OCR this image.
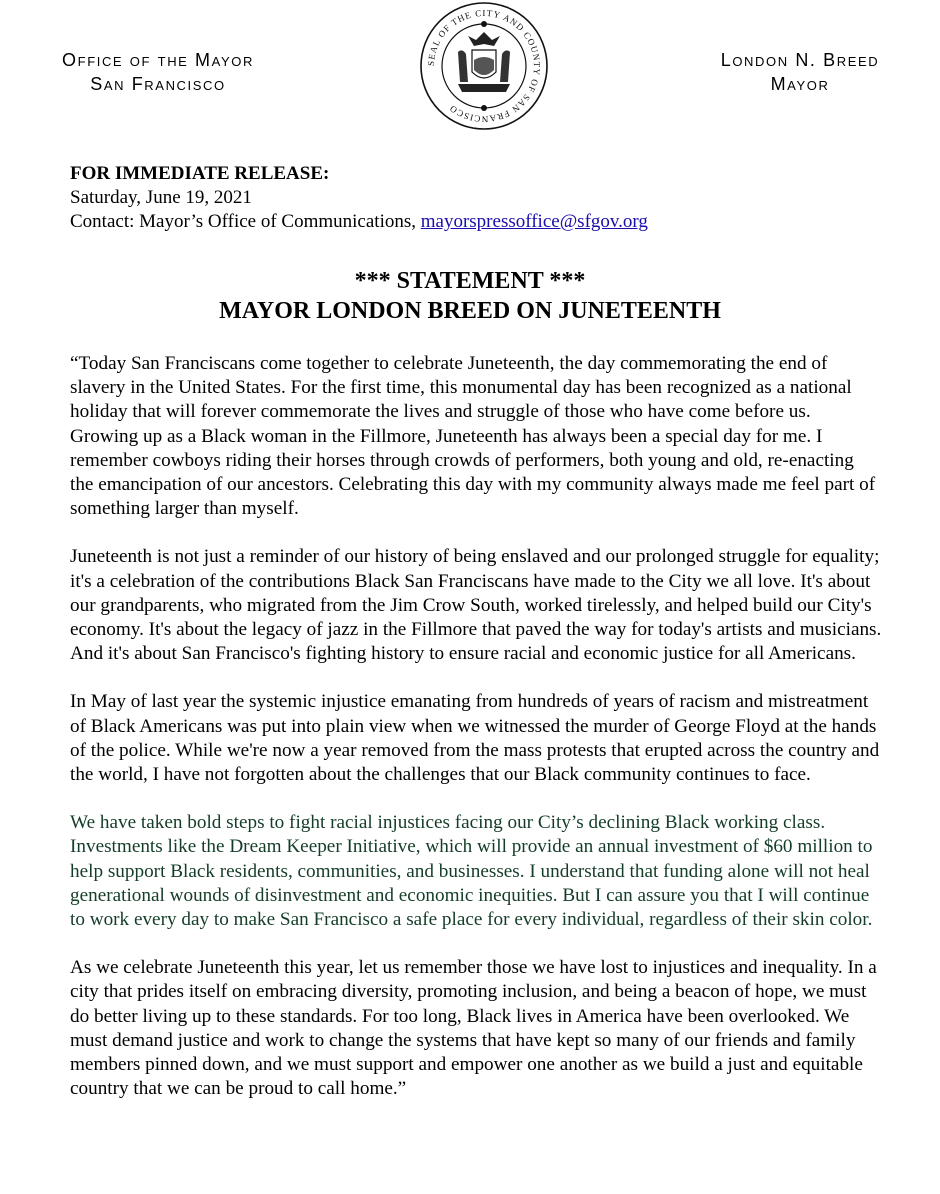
Office of the Mayor
San Francisco
SEAL OF THE CITY AND COUNTY OF SAN FRANCISCO
London N. Breed
Mayor
FOR IMMEDIATE RELEASE:
Saturday, June 19, 2021
Contact: Mayor’s Office of Communications, mayorspressoffice@sfgov.org
*** STATEMENT ***
MAYOR LONDON BREED ON JUNETEENTH

“Today San Franciscans come together to celebrate Juneteenth, the day commemorating the end of slavery in the United States. For the first time, this monumental day has been recognized as a national holiday that will forever commemorate the lives and struggle of those who have come before us. Growing up as a Black woman in the Fillmore, Juneteenth has always been a special day for me. I remember cowboys riding their horses through crowds of performers, both young and old, re-enacting the emancipation of our ancestors. Celebrating this day with my community always made me feel part of something larger than myself.

Juneteenth is not just a reminder of our history of being enslaved and our prolonged struggle for equality; it's a celebration of the contributions Black San Franciscans have made to the City we all love. It's about our grandparents, who migrated from the Jim Crow South, worked tirelessly, and helped build our City's economy. It's about the legacy of jazz in the Fillmore that paved the way for today's artists and musicians. And it's about San Francisco's fighting history to ensure racial and economic justice for all Americans.

In May of last year the systemic injustice emanating from hundreds of years of racism and mistreatment of Black Americans was put into plain view when we witnessed the murder of George Floyd at the hands of the police. While we're now a year removed from the mass protests that erupted across the country and the world, I have not forgotten about the challenges that our Black community continues to face.

We have taken bold steps to fight racial injustices facing our City’s declining Black working class. Investments like the Dream Keeper Initiative, which will provide an annual investment of $60 million to help support Black residents, communities, and businesses. I understand that funding alone will not heal generational wounds of disinvestment and economic inequities. But I can assure you that I will continue to work every day to make San Francisco a safe place for every individual, regardless of their skin color.

As we celebrate Juneteenth this year, let us remember those we have lost to injustices and inequality. In a city that prides itself on embracing diversity, promoting inclusion, and being a beacon of hope, we must do better living up to these standards. For too long, Black lives in America have been overlooked. We must demand justice and work to change the systems that have kept so many of our friends and family members pinned down, and we must support and empower one another as we build a just and equitable country that we can be proud to call home.”
